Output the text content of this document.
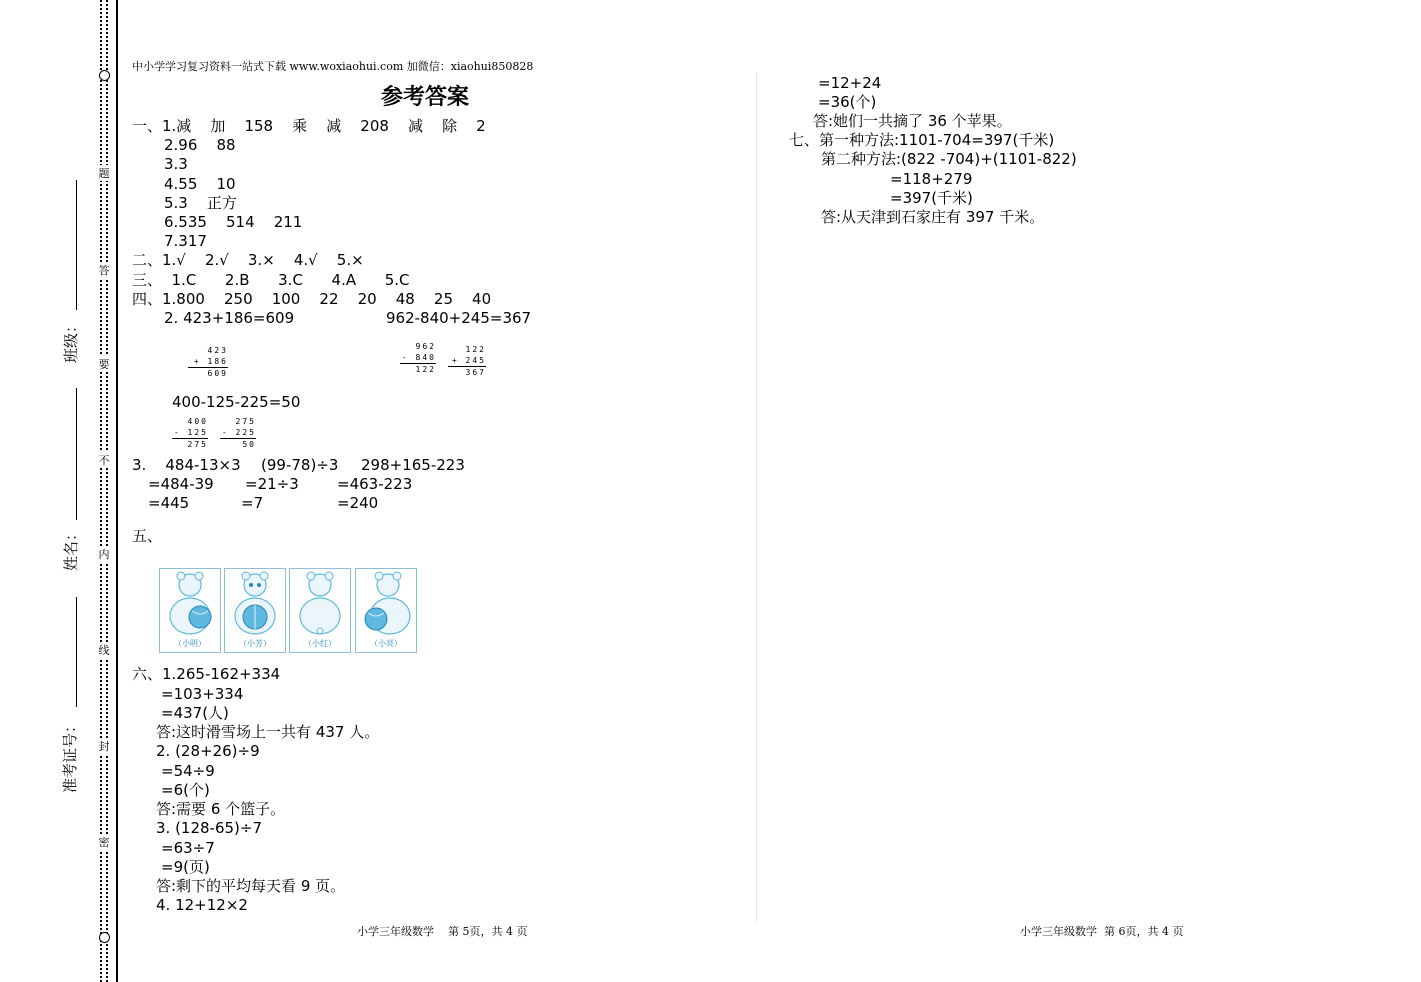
题
答
要
不
内
线
封
密
班级：
姓名：
准考证号：
中小学学习复习资料一站式下载 www.woxiaohui.com 加微信：xiaohui850828
参考答案
一、1.减    加    158    乘    减    208    减    除    2
2.96    88
3.3
4.55    10
5.3    正方
6.535    514    211
7.317
二、1.√    2.√    3.×    4.√    5.×
三、  1.C      2.B      3.C      4.A      5.C
四、1.800    250    100    22    20    48    25    40
2. 423+186=609	962-840+245=367
423
+ 186
609
962
- 840
122
122
+ 245
367
400-125-225=50
400
- 125
275
275
- 225
50
3.    484-13×3 (99-78)÷3 298+165-223
=484-39 =21÷3	=463-223
=445	=7	=240
五、
（小明）	（小芳）	（小红）	（小亮）
六、1.265-162+334
=103+334
=437(人)
答:这时滑雪场上一共有 437 人。
2. (28+26)÷9
=54÷9
=6(个)
答:需要 6 个篮子。
3. (128-65)÷7
=63÷7
=9(页)
答:剩下的平均每天看 9 页。
4. 12+12×2
=12+24
=36(个)
答:她们一共摘了 36 个苹果。
七、第一种方法:1101-704=397(千米)
第二种方法:(822 -704)+(1101-822)
=118+279
=397(千米)
答:从天津到石家庄有 397 千米。
小学三年级数学    第 5页，共 4 页	小学三年级数学  第 6页，共 4 页
